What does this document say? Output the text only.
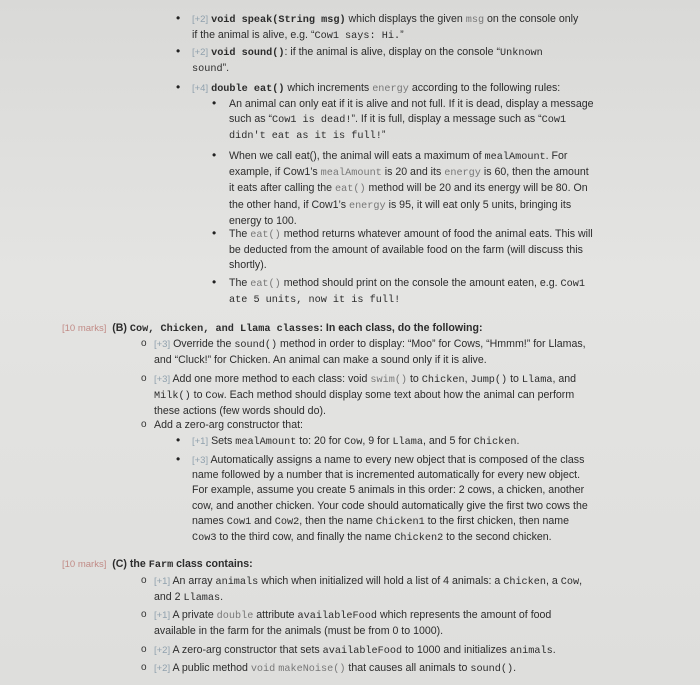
• [+2] void speak(String msg) which displays the given msg on the console only
if the animal is alive, e.g. “Cow1 says: Hi.”
• [+2] void sound(): if the animal is alive, display on the console “Unknown
sound”.
• [+4] double eat() which increments energy according to the following rules:
• An animal can only eat if it is alive and not full. If it is dead, display a message
such as “Cow1 is dead!”. If it is full, display a message such as “Cow1
didn't eat as it is full!”
• When we call eat(), the animal will eats a maximum of mealAmount. For
example, if Cow1’s mealAmount is 20 and its energy is 60, then the amount
it eats after calling the eat() method will be 20 and its energy will be 80. On
the other hand, if Cow1’s energy is 95, it will eat only 5 units, bringing its
energy to 100.
• The eat() method returns whatever amount of food the animal eats. This will
be deducted from the amount of available food on the farm (will discuss this
shortly).
• The eat() method should print on the console the amount eaten, e.g. Cow1
ate 5 units, now it is full!
[10 marks] (B) Cow, Chicken, and Llama classes: In each class, do the following:
o [+3] Override the sound() method in order to display: “Moo” for Cows, “Hmmm!” for Llamas,
and “Cluck!” for Chicken. An animal can make a sound only if it is alive.
o [+3] Add one more method to each class: void swim() to Chicken, Jump() to Llama, and
Milk() to Cow. Each method should display some text about how the animal can perform
these actions (few words should do).
o Add a zero-arg constructor that:
• [+1] Sets mealAmount to: 20 for Cow, 9 for Llama, and 5 for Chicken.
• [+3] Automatically assigns a name to every new object that is composed of the class
name followed by a number that is incremented automatically for every new object.
For example, assume you create 5 animals in this order: 2 cows, a chicken, another
cow, and another chicken. Your code should automatically give the first two cows the
names Cow1 and Cow2, then the name Chicken1 to the first chicken, then name
Cow3 to the third cow, and finally the name Chicken2 to the second chicken.
[10 marks] (C) the Farm class contains:
o [+1] An array animals which when initialized will hold a list of 4 animals: a Chicken, a Cow,
and 2 Llamas.
o [+1] A private double attribute availableFood which represents the amount of food
available in the farm for the animals (must be from 0 to 1000).
o [+2] A zero-arg constructor that sets availableFood to 1000 and initializes animals.
o [+2] A public method void makeNoise() that causes all animals to sound().
